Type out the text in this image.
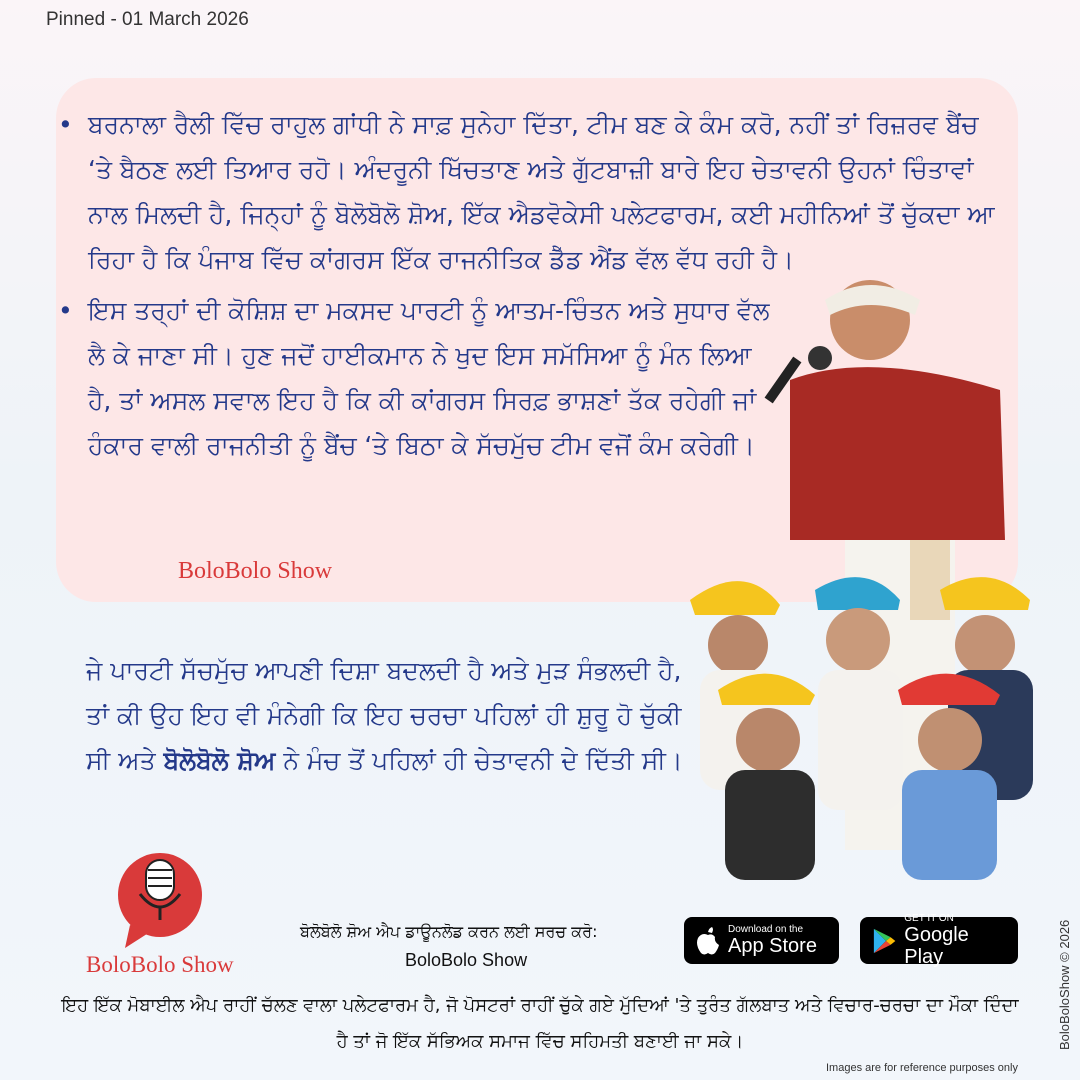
Pinned - 01 March 2026
• ਬਰਨਾਲਾ ਰੈਲੀ ਵਿੱਚ ਰਾਹੁਲ ਗਾਂਧੀ ਨੇ ਸਾਫ਼ ਸੁਨੇਹਾ ਦਿੱਤਾ, ਟੀਮ ਬਣ ਕੇ ਕੰਮ ਕਰੋ, ਨਹੀਂ ਤਾਂ ਰਿਜ਼ਰਵ ਬੈਂਚ ‘ਤੇ ਬੈਠਣ ਲਈ ਤਿਆਰ ਰਹੋ। ਅੰਦਰੂਨੀ ਖਿੱਚਤਾਣ ਅਤੇ ਗੁੱਟਬਾਜ਼ੀ ਬਾਰੇ ਇਹ ਚੇਤਾਵਨੀ ਉਹਨਾਂ ਚਿੰਤਾਵਾਂ ਨਾਲ ਮਿਲਦੀ ਹੈ, ਜਿਨ੍ਹਾਂ ਨੂੰ ਬੋਲੋਬੋਲੋ ਸ਼ੋਅ, ਇੱਕ ਐਡਵੋਕੇਸੀ ਪਲੇਟਫਾਰਮ, ਕਈ ਮਹੀਨਿਆਂ ਤੋਂ ਚੁੱਕਦਾ ਆ ਰਿਹਾ ਹੈ ਕਿ ਪੰਜਾਬ ਵਿੱਚ ਕਾਂਗਰਸ ਇੱਕ ਰਾਜਨੀਤਿਕ ਡੈੱਡ ਐਂਡ ਵੱਲ ਵੱਧ ਰਹੀ ਹੈ।
• ਇਸ ਤਰ੍ਹਾਂ ਦੀ ਕੋਸ਼ਿਸ਼ ਦਾ ਮਕਸਦ ਪਾਰਟੀ ਨੂੰ ਆਤਮ-ਚਿੰਤਨ ਅਤੇ ਸੁਧਾਰ ਵੱਲ ਲੈ ਕੇ ਜਾਣਾ ਸੀ। ਹੁਣ ਜਦੋਂ ਹਾਈਕਮਾਨ ਨੇ ਖੁਦ ਇਸ ਸਮੱਸਿਆ ਨੂੰ ਮੰਨ ਲਿਆ ਹੈ, ਤਾਂ ਅਸਲ ਸਵਾਲ ਇਹ ਹੈ ਕਿ ਕੀ ਕਾਂਗਰਸ ਸਿਰਫ਼ ਭਾਸ਼ਣਾਂ ਤੱਕ ਰਹੇਗੀ ਜਾਂ ਹੰਕਾਰ ਵਾਲੀ ਰਾਜਨੀਤੀ ਨੂੰ ਬੈਂਚ ‘ਤੇ ਬਿਠਾ ਕੇ ਸੱਚਮੁੱਚ ਟੀਮ ਵਜੋਂ ਕੰਮ ਕਰੇਗੀ।
BoloBolo Show
ਜੇ ਪਾਰਟੀ ਸੱਚਮੁੱਚ ਆਪਣੀ ਦਿਸ਼ਾ ਬਦਲਦੀ ਹੈ ਅਤੇ ਮੁੜ ਸੰਭਲਦੀ ਹੈ, ਤਾਂ ਕੀ ਉਹ ਇਹ ਵੀ ਮੰਨੇਗੀ ਕਿ ਇਹ ਚਰਚਾ ਪਹਿਲਾਂ ਹੀ ਸ਼ੁਰੂ ਹੋ ਚੁੱਕੀ ਸੀ ਅਤੇ ਬੋਲੋਬੋਲੋ ਸ਼ੋਅ ਨੇ ਮੰਚ ਤੋਂ ਪਹਿਲਾਂ ਹੀ ਚੇਤਾਵਨੀ ਦੇ ਦਿੱਤੀ ਸੀ।
BoloBolo Show
ਬੋਲੋਬੋਲੋ ਸ਼ੋਅ ਐਪ ਡਾਊਨਲੋਡ ਕਰਨ ਲਈ ਸਰਚ ਕਰੋ:
BoloBolo Show
Download on the
App Store
GET IT ON
Google Play
ਇਹ ਇੱਕ ਮੋਬਾਈਲ ਐਪ ਰਾਹੀਂ ਚੱਲਣ ਵਾਲਾ ਪਲੇਟਫਾਰਮ ਹੈ, ਜੋ ਪੋਸਟਰਾਂ ਰਾਹੀਂ ਚੁੱਕੇ ਗਏ ਮੁੱਦਿਆਂ 'ਤੇ ਤੁਰੰਤ ਗੱਲਬਾਤ ਅਤੇ ਵਿਚਾਰ-ਚਰਚਾ ਦਾ ਮੌਕਾ ਦਿੰਦਾ ਹੈ ਤਾਂ ਜੋ ਇੱਕ ਸੱਭਿਅਕ ਸਮਾਜ ਵਿੱਚ ਸਹਿਮਤੀ ਬਣਾਈ ਜਾ ਸਕੇ।	BoloBoloShow © 2026
Images are for reference purposes only
